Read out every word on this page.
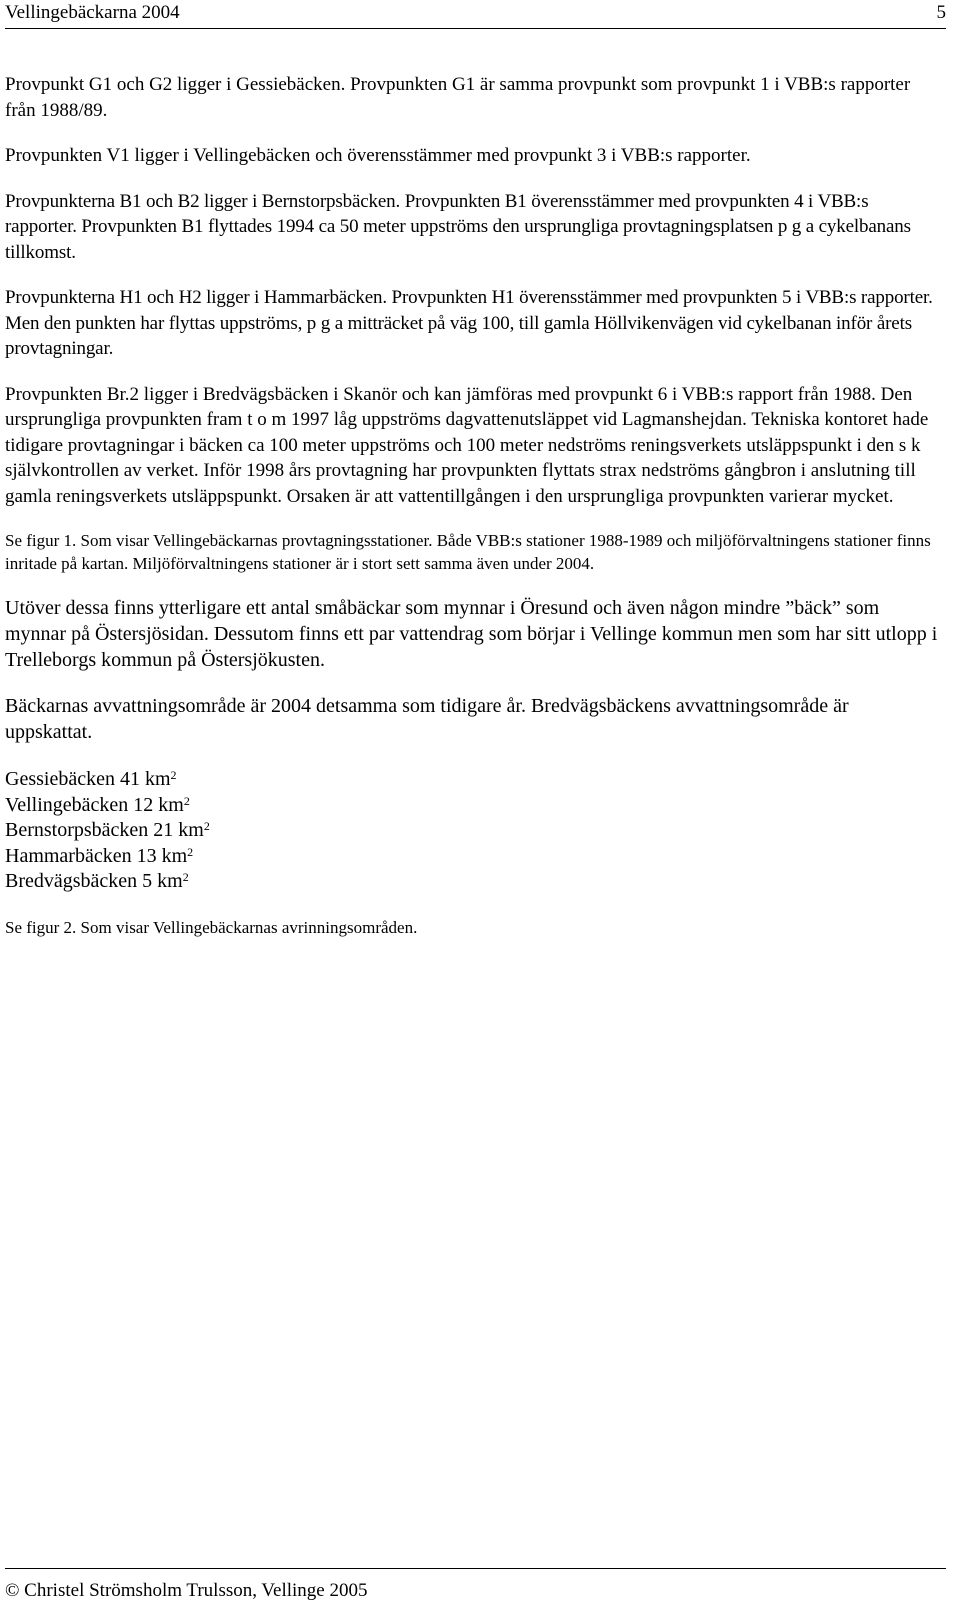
Vellingebäckarna 2004	5

Provpunkt G1 och G2 ligger i Gessiebäcken. Provpunkten G1 är samma provpunkt som provpunkt 1 i VBB:s rapporter från 1988/89.

Provpunkten V1 ligger i Vellingebäcken och överensstämmer med provpunkt 3 i VBB:s rapporter.

Provpunkterna B1 och B2 ligger i Bernstorpsbäcken. Provpunkten B1 överensstämmer med provpunkten 4 i VBB:s rapporter. Provpunkten B1 flyttades 1994 ca 50 meter uppströms den ursprungliga provtagningsplatsen p g a cykelbanans tillkomst.

Provpunkterna H1 och H2 ligger i Hammarbäcken. Provpunkten H1 överensstämmer med provpunkten 5 i VBB:s rapporter. Men den punkten har flyttas uppströms, p g a mitträcket på väg 100, till gamla Höllvikenvägen vid cykelbanan inför årets provtagningar.

Provpunkten Br.2 ligger i Bredvägsbäcken i Skanör och kan jämföras med provpunkt 6 i VBB:s rapport från 1988. Den ursprungliga provpunkten fram t o m 1997 låg uppströms dagvattenutsläppet vid Lagmanshejdan. Tekniska kontoret hade tidigare provtagningar i bäcken ca 100 meter uppströms och 100 meter nedströms reningsverkets utsläppspunkt i den s k självkontrollen av verket. Inför 1998 års provtagning har provpunkten flyttats strax nedströms gångbron i anslutning till gamla reningsverkets utsläppspunkt. Orsaken är att vattentillgången i den ursprungliga provpunkten varierar mycket.

Se figur 1. Som visar Vellingebäckarnas provtagningsstationer. Både VBB:s stationer 1988-1989 och miljöförvaltningens stationer finns inritade på kartan. Miljöförvaltningens stationer är i stort sett samma även under 2004.

Utöver dessa finns ytterligare ett antal småbäckar som mynnar i Öresund och även någon mindre ”bäck” som mynnar på Östersjösidan. Dessutom finns ett par vattendrag som börjar i Vellinge kommun men som har sitt utlopp i Trelleborgs kommun på Östersjökusten.

Bäckarnas avvattningsområde är 2004 detsamma som tidigare år. Bredvägsbäckens avvattningsområde är uppskattat.

Gessiebäcken 41 $km^2$
Vellingebäcken 12 $km^2$
Bernstorpsbäcken 21 $km^2$
Hammarbäcken 13 $km^2$
Bredvägsbäcken 5 $km^2$

Se figur 2. Som visar Vellingebäckarnas avrinningsområden.

© Christel Strömsholm Trulsson, Vellinge 2005
